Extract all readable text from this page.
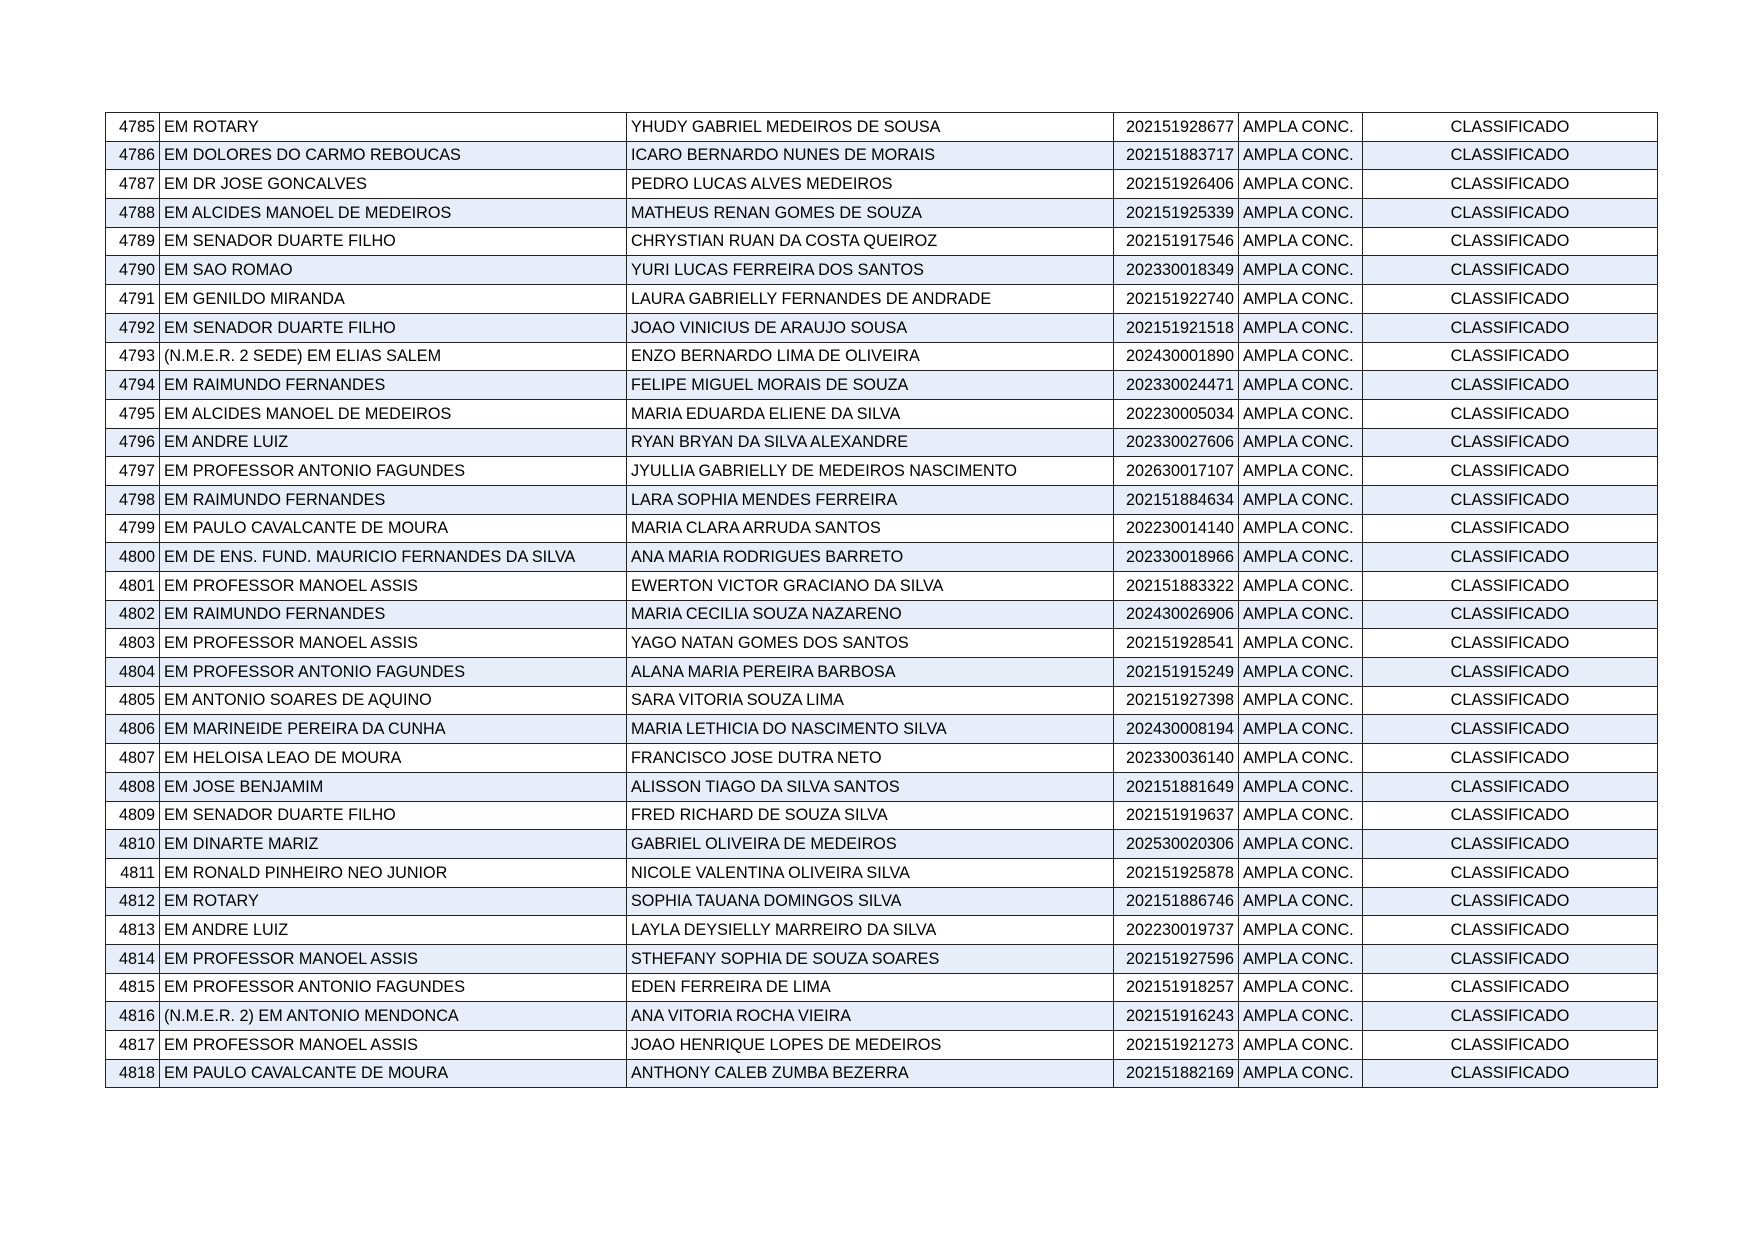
4785	EM ROTARY	YHUDY GABRIEL MEDEIROS DE SOUSA	202151928677	AMPLA CONC.	CLASSIFICADO
4786	EM DOLORES DO CARMO REBOUCAS	ICARO BERNARDO NUNES DE MORAIS	202151883717	AMPLA CONC.	CLASSIFICADO
4787	EM DR JOSE GONCALVES	PEDRO LUCAS ALVES MEDEIROS	202151926406	AMPLA CONC.	CLASSIFICADO
4788	EM ALCIDES MANOEL DE MEDEIROS	MATHEUS RENAN GOMES DE SOUZA	202151925339	AMPLA CONC.	CLASSIFICADO
4789	EM SENADOR DUARTE FILHO	CHRYSTIAN RUAN DA COSTA QUEIROZ	202151917546	AMPLA CONC.	CLASSIFICADO
4790	EM SAO ROMAO	YURI LUCAS FERREIRA DOS SANTOS	202330018349	AMPLA CONC.	CLASSIFICADO
4791	EM GENILDO MIRANDA	LAURA GABRIELLY FERNANDES DE ANDRADE	202151922740	AMPLA CONC.	CLASSIFICADO
4792	EM SENADOR DUARTE FILHO	JOAO VINICIUS DE ARAUJO SOUSA	202151921518	AMPLA CONC.	CLASSIFICADO
4793	(N.M.E.R. 2 SEDE) EM ELIAS SALEM	ENZO BERNARDO LIMA DE OLIVEIRA	202430001890	AMPLA CONC.	CLASSIFICADO
4794	EM RAIMUNDO FERNANDES	FELIPE MIGUEL MORAIS DE SOUZA	202330024471	AMPLA CONC.	CLASSIFICADO
4795	EM ALCIDES MANOEL DE MEDEIROS	MARIA EDUARDA ELIENE DA SILVA	202230005034	AMPLA CONC.	CLASSIFICADO
4796	EM ANDRE LUIZ	RYAN BRYAN DA SILVA ALEXANDRE	202330027606	AMPLA CONC.	CLASSIFICADO
4797	EM PROFESSOR ANTONIO FAGUNDES	JYULLIA GABRIELLY DE MEDEIROS NASCIMENTO	202630017107	AMPLA CONC.	CLASSIFICADO
4798	EM RAIMUNDO FERNANDES	LARA SOPHIA MENDES FERREIRA	202151884634	AMPLA CONC.	CLASSIFICADO
4799	EM PAULO CAVALCANTE DE MOURA	MARIA CLARA ARRUDA SANTOS	202230014140	AMPLA CONC.	CLASSIFICADO
4800	EM DE ENS. FUND. MAURICIO FERNANDES DA SILVA	ANA MARIA RODRIGUES BARRETO	202330018966	AMPLA CONC.	CLASSIFICADO
4801	EM PROFESSOR MANOEL ASSIS	EWERTON VICTOR GRACIANO DA SILVA	202151883322	AMPLA CONC.	CLASSIFICADO
4802	EM RAIMUNDO FERNANDES	MARIA CECILIA SOUZA NAZARENO	202430026906	AMPLA CONC.	CLASSIFICADO
4803	EM PROFESSOR MANOEL ASSIS	YAGO NATAN GOMES DOS SANTOS	202151928541	AMPLA CONC.	CLASSIFICADO
4804	EM PROFESSOR ANTONIO FAGUNDES	ALANA MARIA PEREIRA BARBOSA	202151915249	AMPLA CONC.	CLASSIFICADO
4805	EM ANTONIO SOARES DE AQUINO	SARA VITORIA SOUZA LIMA	202151927398	AMPLA CONC.	CLASSIFICADO
4806	EM MARINEIDE PEREIRA DA CUNHA	MARIA LETHICIA DO NASCIMENTO SILVA	202430008194	AMPLA CONC.	CLASSIFICADO
4807	EM HELOISA LEAO DE MOURA	FRANCISCO JOSE DUTRA NETO	202330036140	AMPLA CONC.	CLASSIFICADO
4808	EM JOSE BENJAMIM	ALISSON TIAGO DA SILVA SANTOS	202151881649	AMPLA CONC.	CLASSIFICADO
4809	EM SENADOR DUARTE FILHO	FRED RICHARD DE SOUZA SILVA	202151919637	AMPLA CONC.	CLASSIFICADO
4810	EM DINARTE MARIZ	GABRIEL OLIVEIRA DE MEDEIROS	202530020306	AMPLA CONC.	CLASSIFICADO
4811	EM RONALD PINHEIRO NEO JUNIOR	NICOLE VALENTINA OLIVEIRA SILVA	202151925878	AMPLA CONC.	CLASSIFICADO
4812	EM ROTARY	SOPHIA TAUANA DOMINGOS SILVA	202151886746	AMPLA CONC.	CLASSIFICADO
4813	EM ANDRE LUIZ	LAYLA DEYSIELLY MARREIRO DA SILVA	202230019737	AMPLA CONC.	CLASSIFICADO
4814	EM PROFESSOR MANOEL ASSIS	STHEFANY SOPHIA DE SOUZA SOARES	202151927596	AMPLA CONC.	CLASSIFICADO
4815	EM PROFESSOR ANTONIO FAGUNDES	EDEN FERREIRA DE LIMA	202151918257	AMPLA CONC.	CLASSIFICADO
4816	(N.M.E.R. 2) EM ANTONIO MENDONCA	ANA VITORIA ROCHA VIEIRA	202151916243	AMPLA CONC.	CLASSIFICADO
4817	EM PROFESSOR MANOEL ASSIS	JOAO HENRIQUE LOPES DE MEDEIROS	202151921273	AMPLA CONC.	CLASSIFICADO
4818	EM PAULO CAVALCANTE DE MOURA	ANTHONY CALEB ZUMBA BEZERRA	202151882169	AMPLA CONC.	CLASSIFICADO
